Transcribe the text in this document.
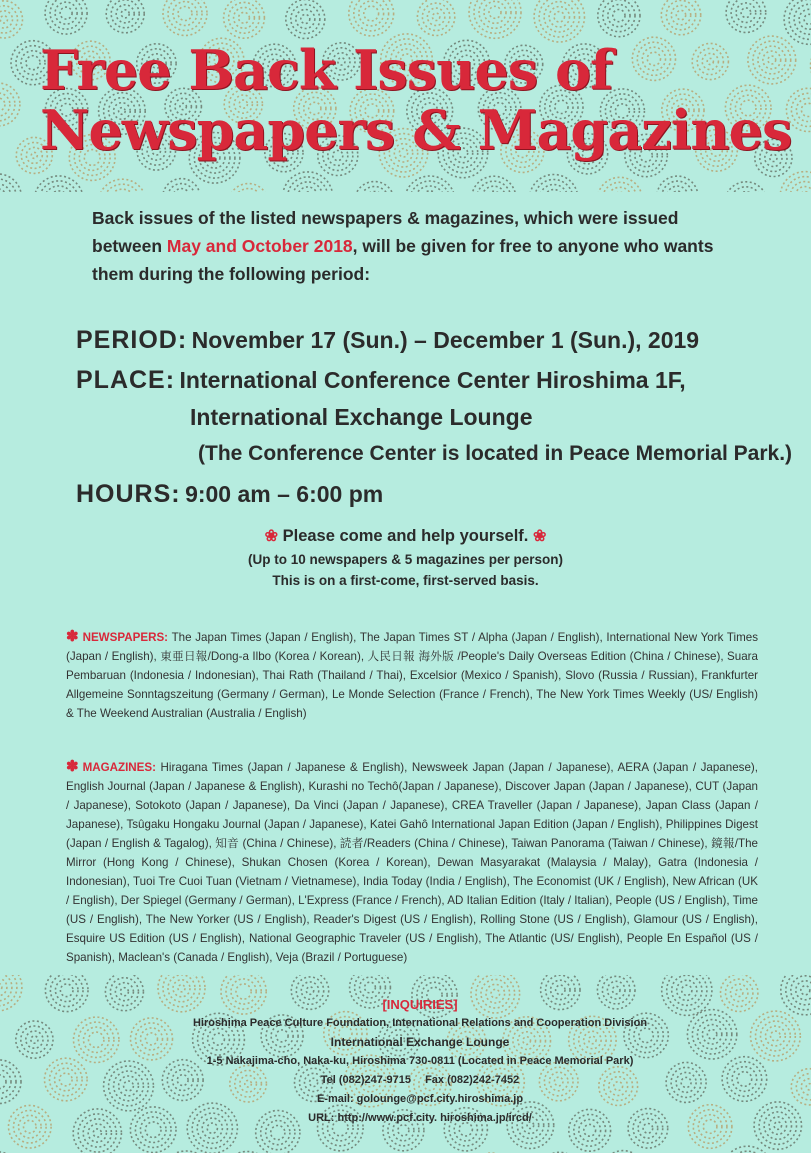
Free Back Issues of
Newspapers & Magazines
Back issues of the listed newspapers & magazines, which were issued between May and October 2018, will be given for free to anyone who wants them during the following period:
PERIOD: November 17 (Sun.) – December 1 (Sun.), 2019
PLACE: International Conference Center Hiroshima 1F,
International Exchange Lounge
(The Conference Center is located in Peace Memorial Park.)
HOURS: 9:00 am – 6:00 pm
❀ Please come and help yourself. ❀
(Up to 10 newspapers & 5 magazines per person)
This is on a first-come, first-served basis.
✽ NEWSPAPERS: The Japan Times (Japan / English), The Japan Times ST / Alpha (Japan / English), International New York Times (Japan / English), 東亜日報/Dong-a Ilbo (Korea / Korean), 人民日報 海外版 /People's Daily Overseas Edition (China / Chinese), Suara Pembaruan (Indonesia / Indonesian), Thai Rath (Thailand / Thai), Excelsior (Mexico / Spanish), Slovo (Russia / Russian), Frankfurter Allgemeine Sonntagszeitung (Germany / German), Le Monde Selection (France / French), The New York Times Weekly (US/ English) & The Weekend Australian (Australia / English)
✽ MAGAZINES: Hiragana Times (Japan / Japanese & English), Newsweek Japan (Japan / Japanese), AERA (Japan / Japanese), English Journal (Japan / Japanese & English), Kurashi no Techô(Japan / Japanese), Discover Japan (Japan / Japanese), CUT (Japan / Japanese), Sotokoto (Japan / Japanese), Da Vinci (Japan / Japanese), CREA Traveller (Japan / Japanese), Japan Class (Japan / Japanese), Tsûgaku Hongaku Journal (Japan / Japanese), Katei Gahô International Japan Edition (Japan / English), Philippines Digest (Japan / English & Tagalog), 知音 (China / Chinese), 読者/Readers (China / Chinese), Taiwan Panorama (Taiwan / Chinese), 鏡報/The Mirror (Hong Kong / Chinese), Shukan Chosen (Korea / Korean), Dewan Masyarakat (Malaysia / Malay), Gatra (Indonesia / Indonesian), Tuoi Tre Cuoi Tuan (Vietnam / Vietnamese), India Today (India / English), The Economist (UK / English), New African (UK / English), Der Spiegel (Germany / German), L'Express (France / French), AD Italian Edition (Italy / Italian), People (US / English), Time (US / English), The New Yorker (US / English), Reader's Digest (US / English), Rolling Stone (US / English), Glamour (US / English), Esquire US Edition (US / English), National Geographic Traveler (US / English), The Atlantic (US/ English), People En Español (US / Spanish), Maclean's (Canada / English), Veja (Brazil / Portuguese)
[INQUIRIES]
Hiroshima Peace Culture Foundation, International Relations and Cooperation Division
International Exchange Lounge
1-5 Nakajima-cho, Naka-ku, Hiroshima 730-0811 (Located in Peace Memorial Park)
Tel (082)247-9715　 Fax (082)242-7452
E-mail: golounge@pcf.city.hiroshima.jp
URL: http://www.pcf.city. hiroshima.jp/ircd/
